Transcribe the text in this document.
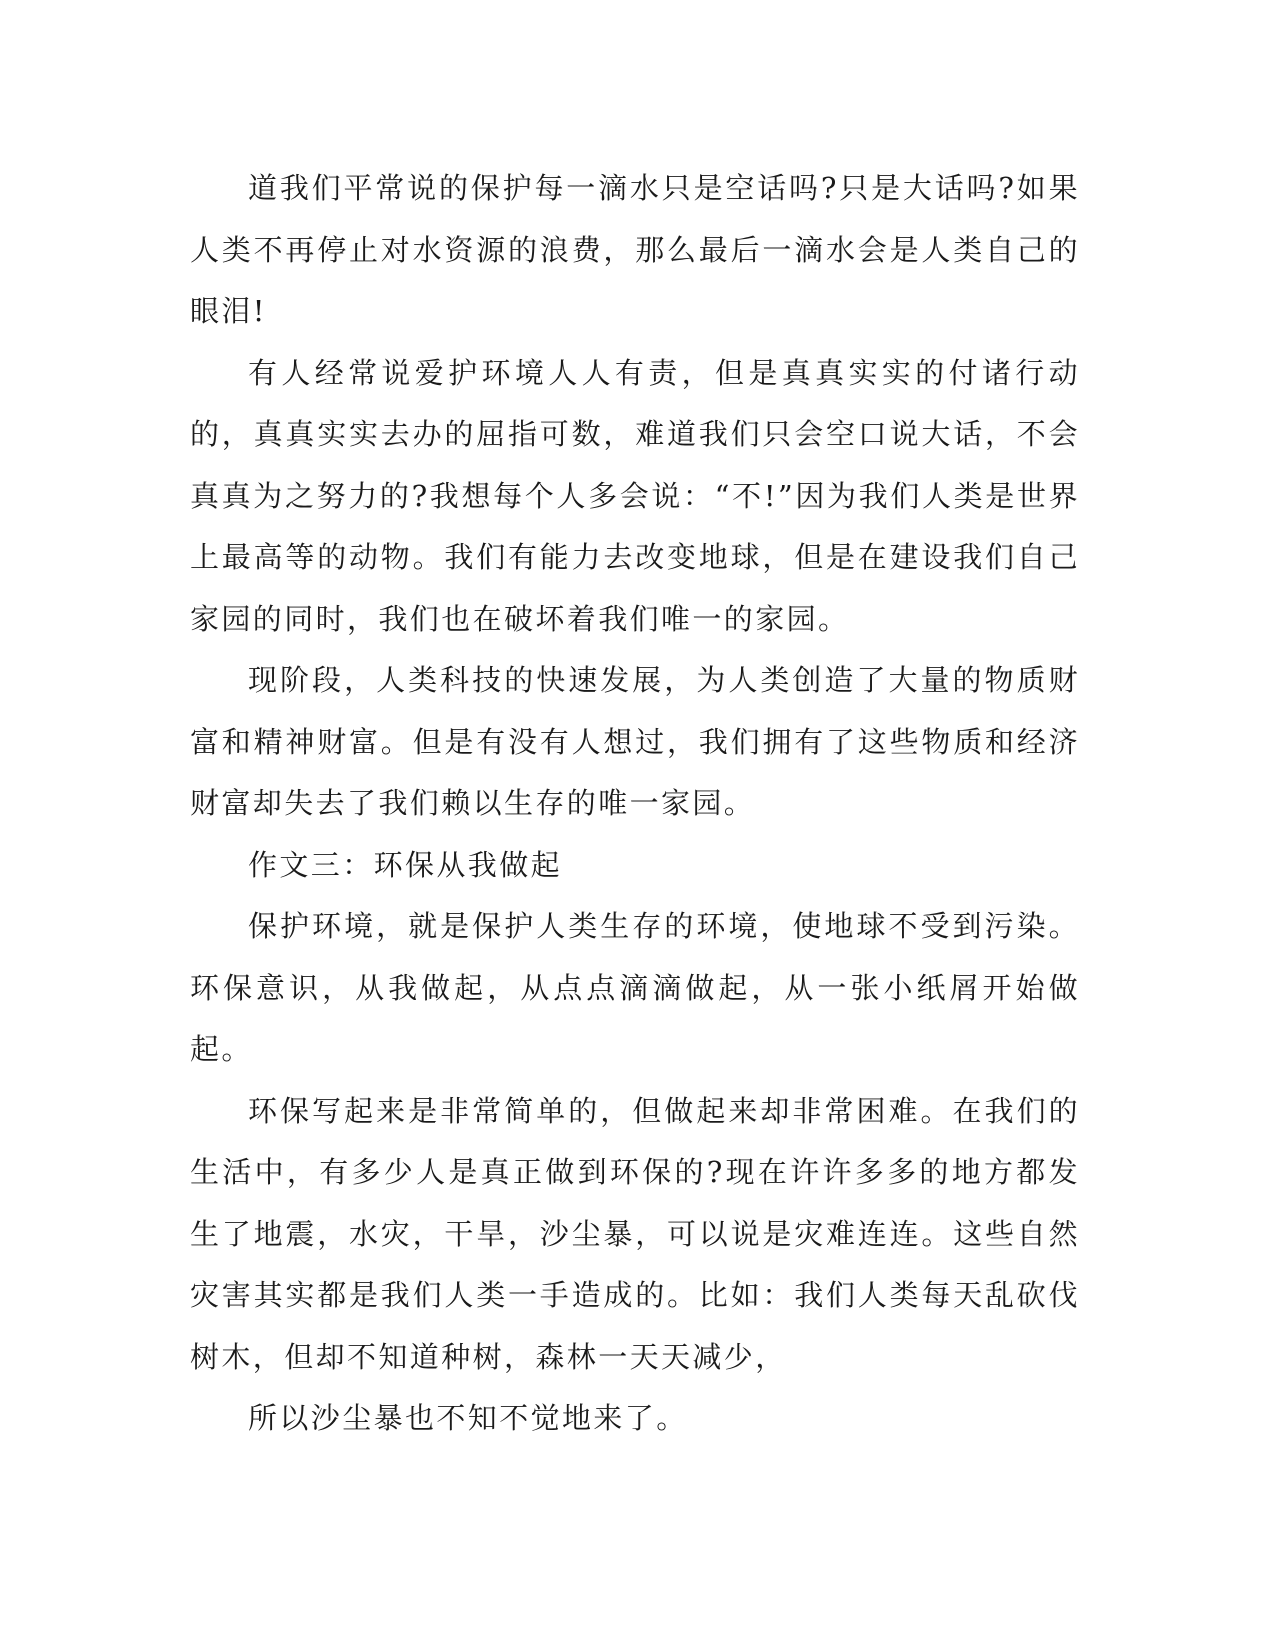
道我们平常说的保护每一滴水只是空话吗?只是大话吗?如果人类不再停止对水资源的浪费，那么最后一滴水会是人类自己的眼泪!

有人经常说爱护环境人人有责，但是真真实实的付诸行动的，真真实实去办的屈指可数，难道我们只会空口说大话，不会真真为之努力的?我想每个人多会说：“不!”因为我们人类是世界上最高等的动物。我们有能力去改变地球，但是在建设我们自己家园的同时，我们也在破坏着我们唯一的家园。

现阶段，人类科技的快速发展，为人类创造了大量的物质财富和精神财富。但是有没有人想过，我们拥有了这些物质和经济财富却失去了我们赖以生存的唯一家园。

作文三：环保从我做起

保护环境，就是保护人类生存的环境，使地球不受到污染。环保意识，从我做起，从点点滴滴做起，从一张小纸屑开始做起。

环保写起来是非常简单的，但做起来却非常困难。在我们的生活中，有多少人是真正做到环保的?现在许许多多的地方都发生了地震，水灾，干旱，沙尘暴，可以说是灾难连连。这些自然灾害其实都是我们人类一手造成的。比如：我们人类每天乱砍伐树木，但却不知道种树，森林一天天减少，

所以沙尘暴也不知不觉地来了。
